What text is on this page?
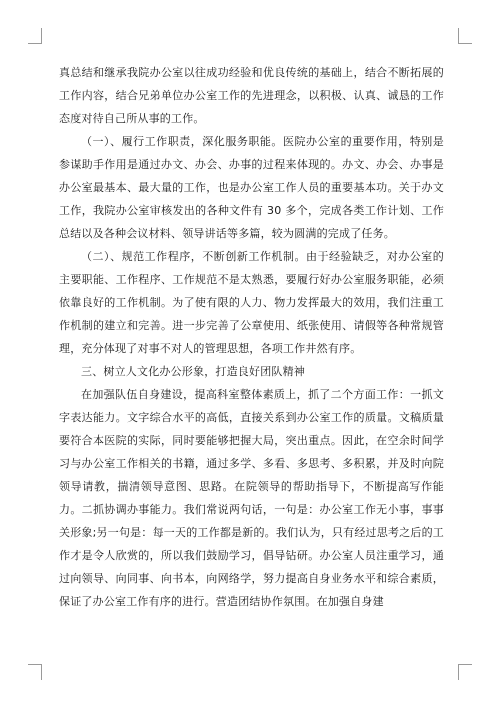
真总结和继承我院办公室以往成功经验和优良传统的基础上，结合不断拓展的工作内容，结合兄弟单位办公室工作的先进理念，以积极、认真、诚恳的工作态度对待自己所从事的工作。

（一）、履行工作职责，深化服务职能。医院办公室的重要作用，特别是参谋助手作用是通过办文、办会、办事的过程来体现的。办文、办会、办事是办公室最基本、最大量的工作，也是办公室工作人员的重要基本功。关于办文工作，我院办公室审核发出的各种文件有 30 多个，完成各类工作计划、工作总结以及各种会议材料、领导讲话等多篇，较为圆满的完成了任务。

（二）、规范工作程序，不断创新工作机制。由于经验缺乏，对办公室的主要职能、工作程序、工作规范不是太熟悉，要履行好办公室服务职能，必须依靠良好的工作机制。为了使有限的人力、物力发挥最大的效用，我们注重工作机制的建立和完善。进一步完善了公章使用、纸张使用、请假等各种常规管理，充分体现了对事不对人的管理思想，各项工作井然有序。

三、树立人文化办公形象，打造良好团队精神

在加强队伍自身建设，提高科室整体素质上，抓了二个方面工作：一抓文字表达能力。文字综合水平的高低，直接关系到办公室工作的质量。文稿质量要符合本医院的实际，同时要能够把握大局，突出重点。因此，在空余时间学习与办公室工作相关的书籍，通过多学、多看、多思考、多积累，并及时向院领导请教，揣清领导意图、思路。在院领导的帮助指导下，不断提高写作能力。二抓协调办事能力。我们常说两句话，一句是：办公室工作无小事，事事关形象;另一句是：每一天的工作都是新的。我们认为，只有经过思考之后的工作才是令人欣赏的，所以我们鼓励学习，倡导钻研。办公室人员注重学习，通过向领导、向同事、向书本，向网络学，努力提高自身业务水平和综合素质，保证了办公室工作有序的进行。营造团结协作氛围。在加强自身建
